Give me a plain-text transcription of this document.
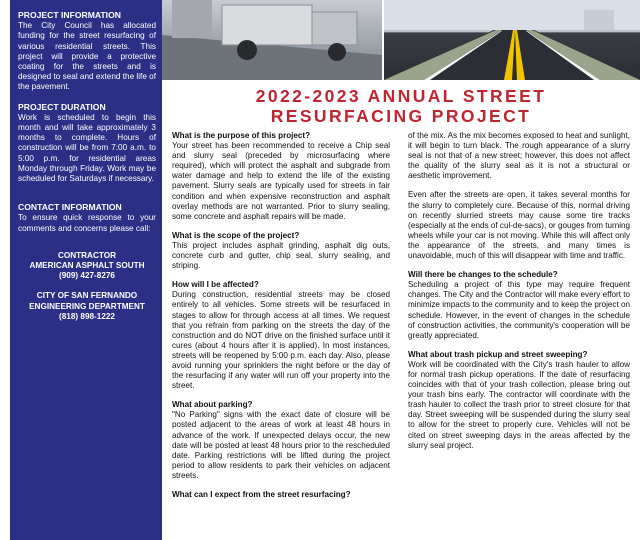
PROJECT INFORMATION

The City Council has allocated funding for the street resurfacing of various residential streets. This project will provide a protective coating for the streets and is designed to seal and extend the life of the pavement.

PROJECT DURATION

Work is scheduled to begin this month and will take approximately 3 months to complete. Hours of construction will be from 7:00 a.m. to 5:00 p.m. for residential areas Monday through Friday. Work may be scheduled for Saturdays if necessary.

CONTACT INFORMATION

To ensure quick response to your comments and concerns please call:

CONTRACTOR

AMERICAN ASPHALT SOUTH

(909) 427-8276

CITY OF SAN FERNANDO

ENGINEERING DEPARTMENT

(818) 898-1222

2022-2023 ANNUAL STREET
RESURFACING PROJECT

What is the purpose of this project?

Your street has been recommended to receive a Chip seal and slurry seal (preceded by microsurfacing where required), which will protect the asphalt and subgrade from water damage and help to extend the life of the existing pavement. Slurry seals are typically used for streets in fair condition and when expensive reconstruction and asphalt overlay methods are not warranted. Prior to slurry sealing, some concrete and asphalt repairs will be made.

What is the scope of the project?

This project includes asphalt grinding, asphalt dig outs, concrete curb and gutter, chip seal, slurry sealing, and striping.

How will I be affected?

During construction, residential streets may be closed entirely to all vehicles. Some streets will be resurfaced in stages to allow for through access at all times. We request that you refrain from parking on the streets the day of the construction and do NOT drive on the finished surface until it cures (about 4 hours after it is applied). In most instances, streets will be reopened by 5:00 p.m. each day. Also, please avoid running your sprinklers the night before or the day of the resurfacing if any water will run off your property into the street.

What about parking?

"No Parking" signs with the exact date of closure will be posted adjacent to the areas of work at least 48 hours in advance of the work. If unexpected delays occur, the new date will be posted at least 48 hours prior to the rescheduled date. Parking restrictions will be lifted during the project period to allow residents to park their vehicles on adjacent streets.

What can I expect from the street resurfacing?

of the mix. As the mix becomes exposed to heat and sunlight, it will begin to turn black. The rough appearance of a slurry seal is not that of a new street; however, this does not affect the quality of the slurry seal as it is not a structural or aesthetic improvement.

Even after the streets are open, it takes several months for the slurry to completely cure. Because of this, normal driving on recently slurried streets may cause some tire tracks (especially at the ends of cul-de-sacs), or gouges from turning wheels while your car is not moving. While this will affect only the appearance of the streets, and many times is unavoidable, much of this will disappear with time and traffic.

Will there be changes to the schedule?

Scheduling a project of this type may require frequent changes. The City and the Contractor will make every effort to minimize impacts to the community and to keep the project on schedule. However, in the event of changes in the schedule of construction activities, the community's cooperation will be greatly appreciated.

What about trash pickup and street sweeping?

Work will be coordinated with the City's trash hauler to allow for normal trash pickup operations. If the date of resurfacing coincides with that of your trash collection, please bring out your trash bins early. The contractor will coordinate with the trash hauler to collect the trash prior to street closure for that day. Street sweeping will be suspended during the slurry seal to allow for the street to properly cure. Vehicles will not be cited on street sweeping days in the areas affected by the slurry seal project.
